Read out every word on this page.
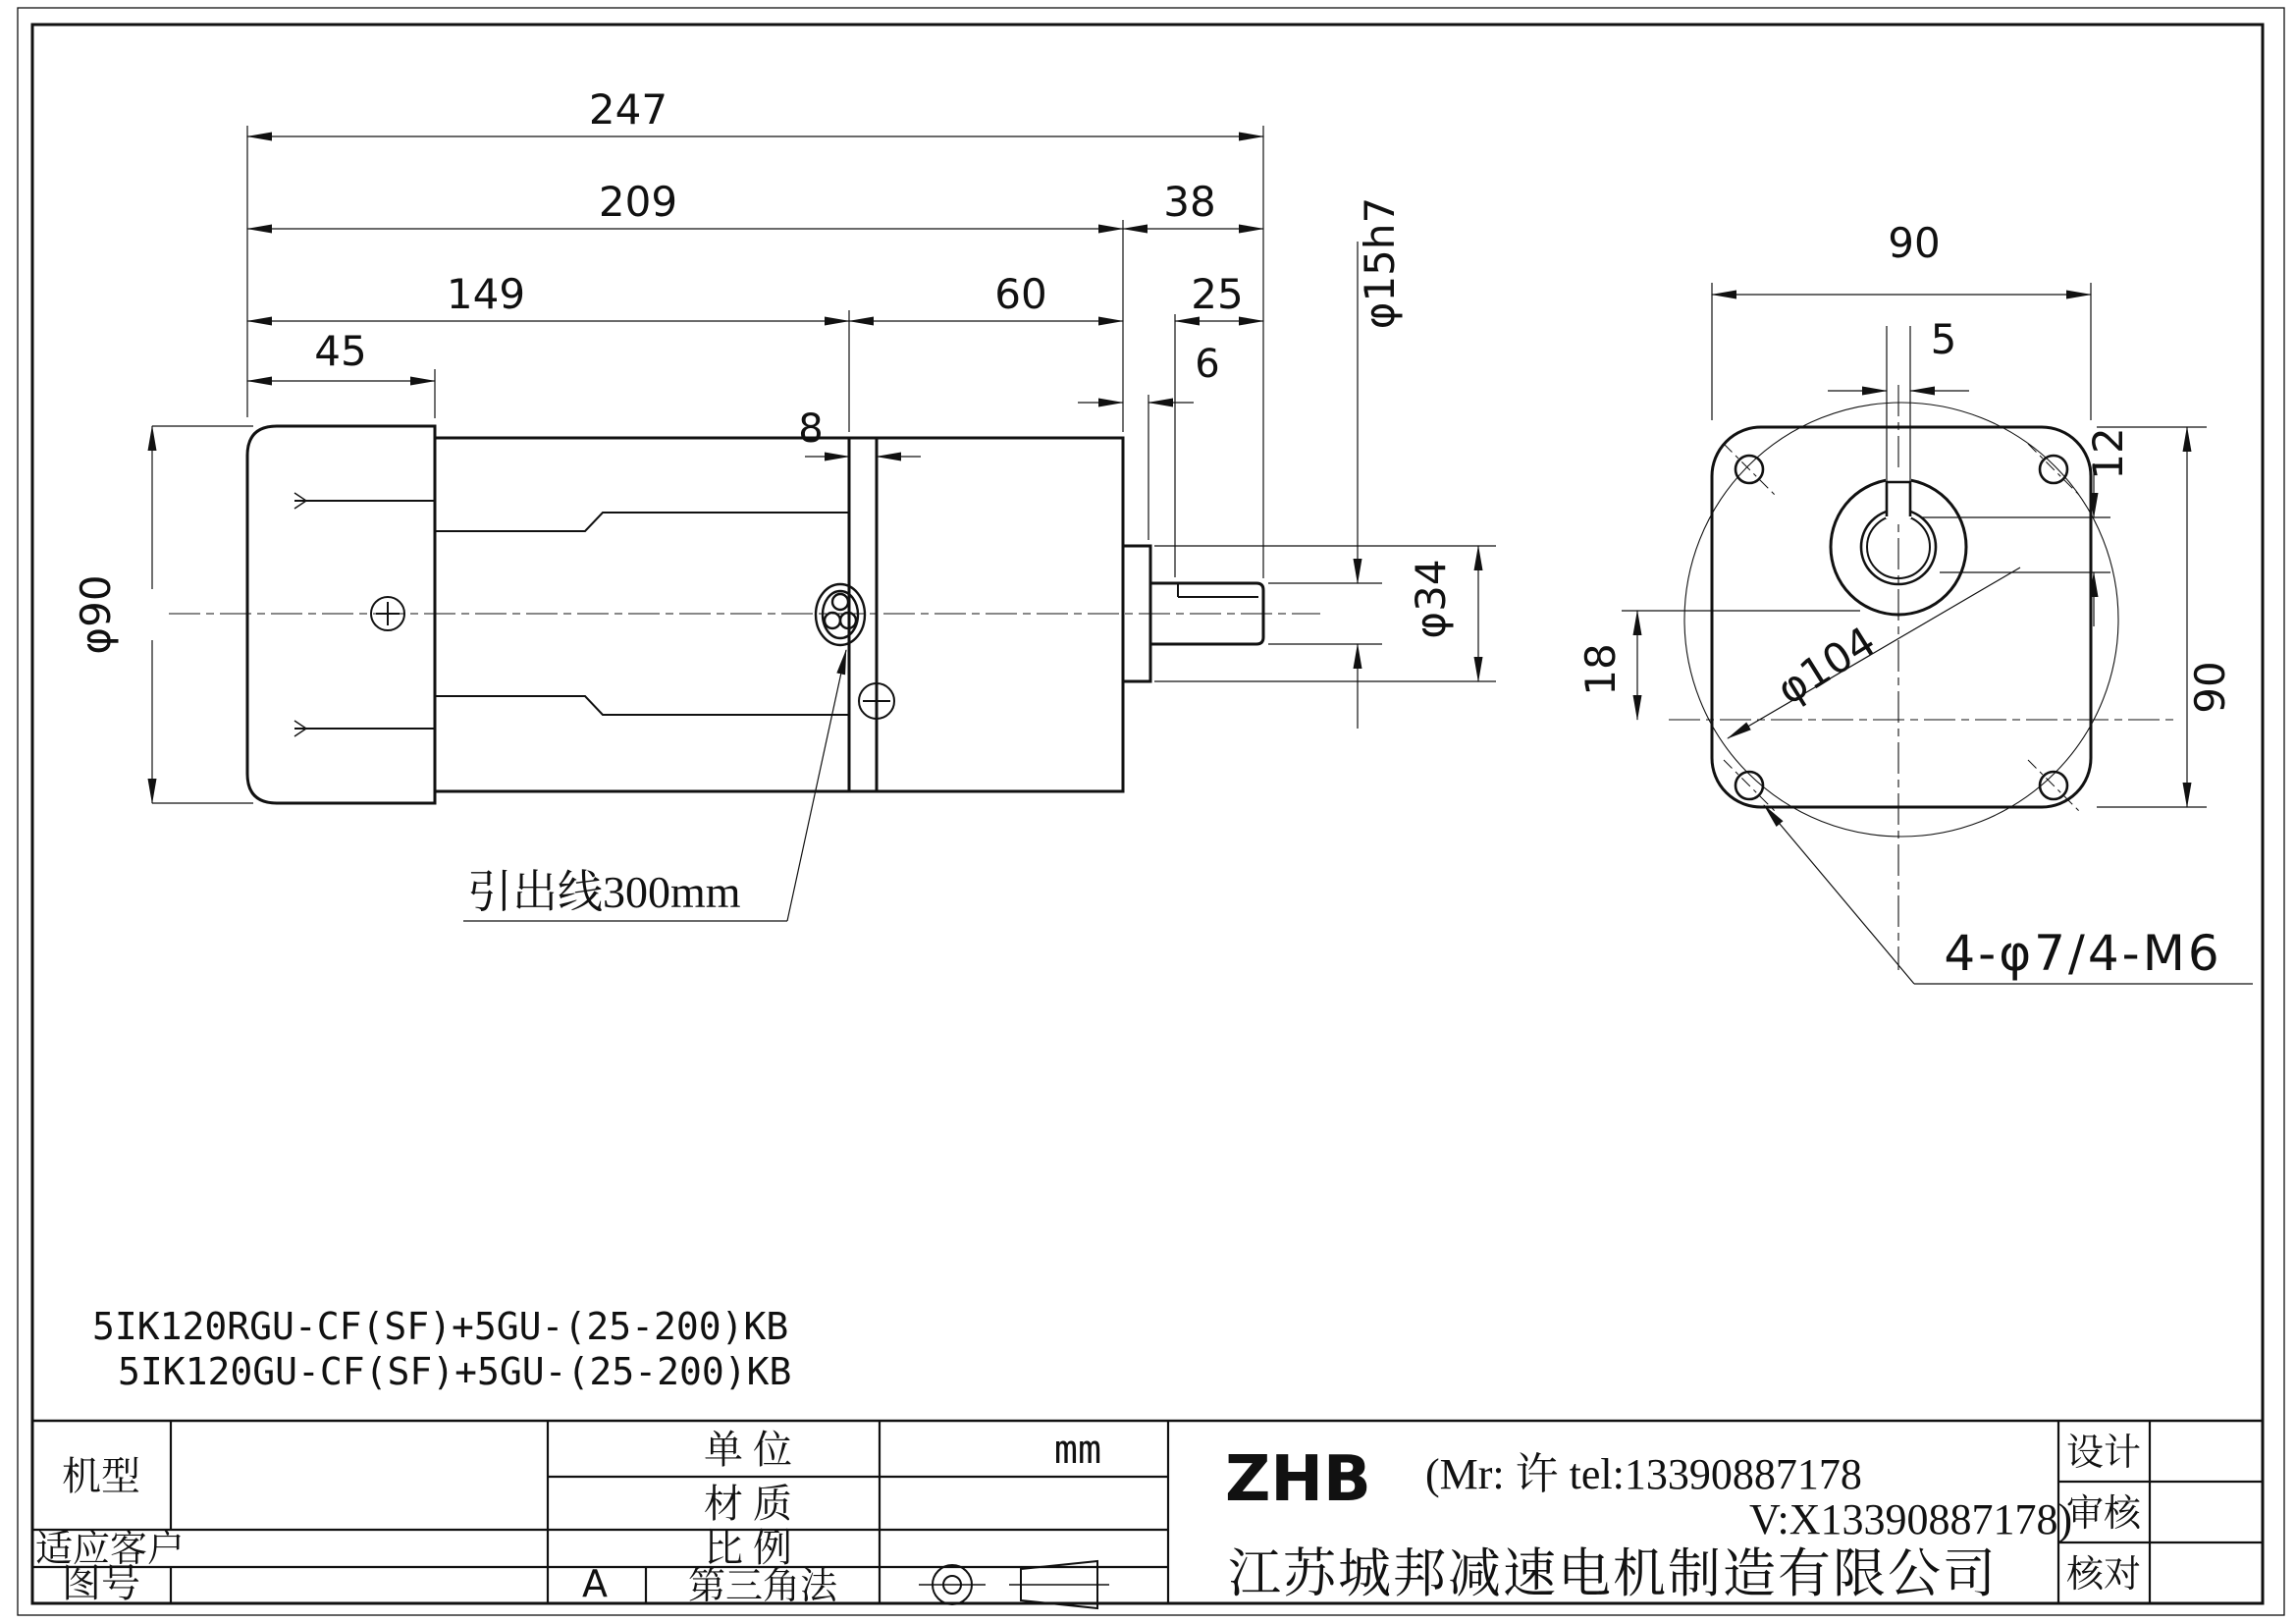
247
209	38
149	60	25
45
8
6
φ90
φ15h7
φ34
引出线300mm
90
5
12
18	90
φ104
4-φ7/4-M6
5IK120RGU-CF(SF)+5GU-(25-200)KB
5IK120GU-CF(SF)+5GU-(25-200)KB
机型
适应客户
图号	A
单 位	mm
材 质
比 例
第三角法
ZHB (Mr: 许 tel:13390887178
V:X13390887178)
江苏城邦减速电机制造有限公司
设计
审核
核对
